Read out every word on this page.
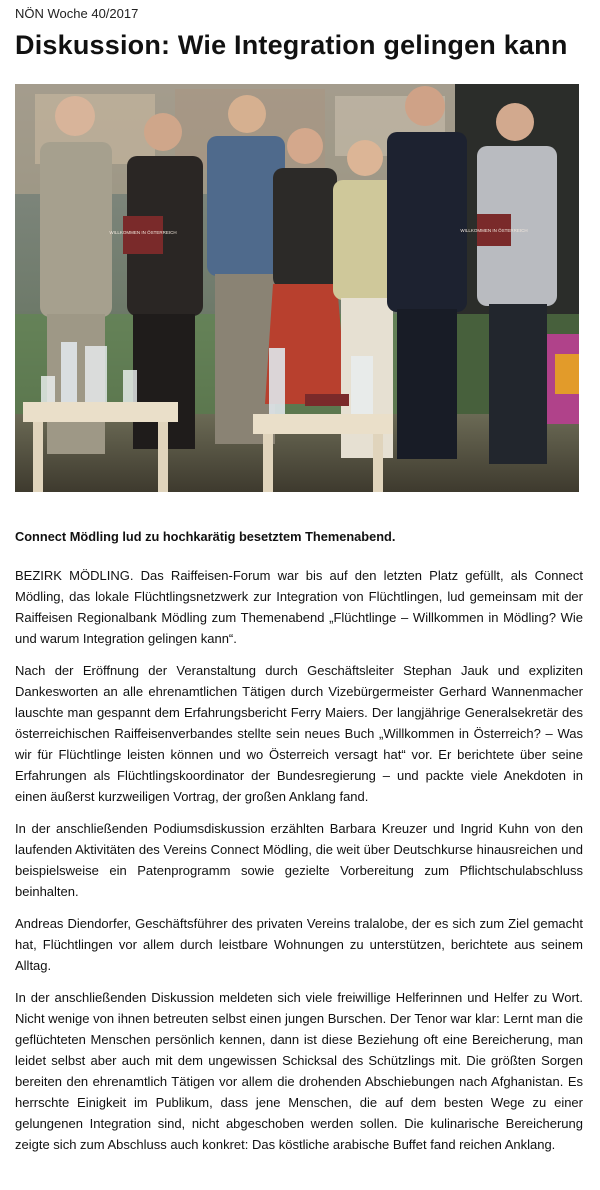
NÖN Woche 40/2017
Diskussion: Wie Integration gelingen kann
WILLKOMMEN IN ÖSTERREICH	WILLKOMMEN IN ÖSTERREICH
Connect Mödling lud zu hochkarätig besetztem Themenabend.

BEZIRK MÖDLING. Das Raiffeisen-Forum war bis auf den letzten Platz gefüllt, als Connect Mödling, das lokale Flüchtlingsnetzwerk zur Integration von Flüchtlingen, lud gemeinsam mit der Raiffeisen Regionalbank Mödling zum Themenabend „Flüchtlinge – Willkommen in Mödling? Wie und warum Integration gelingen kann“.

Nach der Eröffnung der Veranstaltung durch Geschäftsleiter Stephan Jauk und expliziten Dankesworten an alle ehrenamtlichen Tätigen durch Vizebürgermeister Gerhard Wannenmacher lauschte man gespannt dem Erfahrungsbericht Ferry Maiers. Der langjährige Generalsekretär des österreichischen Raiffeisenverbandes stellte sein neues Buch „Willkommen in Österreich? – Was wir für Flüchtlinge leisten können und wo Österreich versagt hat“ vor. Er berichtete über seine Erfahrungen als Flüchtlingskoordinator der Bundesregierung – und packte viele Anekdoten in einen äußerst kurzweiligen Vortrag, der großen Anklang fand.

In der anschließenden Podiumsdiskussion erzählten Barbara Kreuzer und Ingrid Kuhn von den laufenden Aktivitäten des Vereins Connect Mödling, die weit über Deutschkurse hinausreichen und beispielsweise ein Patenprogramm sowie gezielte Vorbereitung zum Pflichtschulabschluss beinhalten.

Andreas Diendorfer, Geschäftsführer des privaten Vereins tralalobe, der es sich zum Ziel gemacht hat, Flüchtlingen vor allem durch leistbare Wohnungen zu unterstützen, berichtete aus seinem Alltag.

In der anschließenden Diskussion meldeten sich viele freiwillige Helferinnen und Helfer zu Wort. Nicht wenige von ihnen betreuten selbst einen jungen Burschen. Der Tenor war klar: Lernt man die geflüchteten Menschen persönlich kennen, dann ist diese Beziehung oft eine Bereicherung, man leidet selbst aber auch mit dem ungewissen Schicksal des Schützlings mit. Die größten Sorgen bereiten den ehrenamtlich Tätigen vor allem die drohenden Abschiebungen nach Afghanistan. Es herrschte Einigkeit im Publikum, dass jene Menschen, die auf dem besten Wege zu einer gelungenen Integration sind, nicht abgeschoben werden sollen. Die kulinarische Bereicherung zeigte sich zum Abschluss auch konkret: Das köstliche arabische Buffet fand reichen Anklang.
